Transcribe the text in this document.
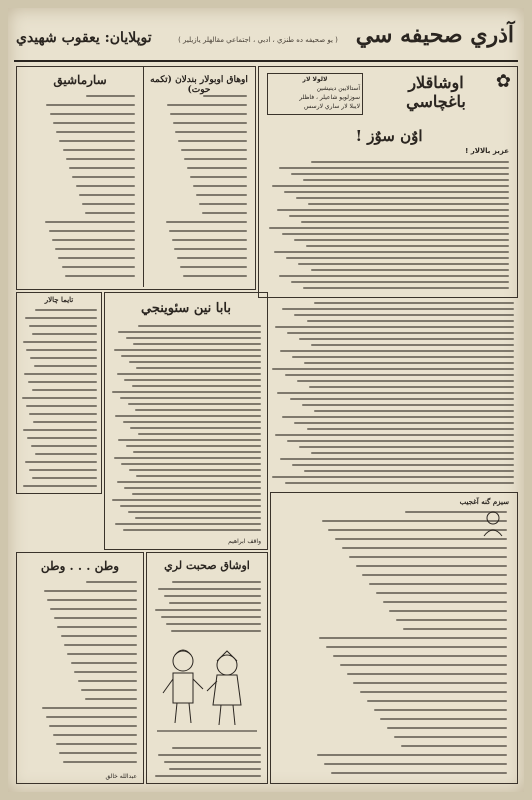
توپلايان: يعقوب شهيدي	( يو صحيفه ده طنزي ، ادبي ، اجتماعي مقالهلر يازيلير ) آذري صحيفه سي
✿
اوشاقلار باغچاسي
لالولا لار
آستالايين دينيشين
سوزلويو شاعيلر ، فاظلر
لايبلا لار ساري لارسس
اوٌن سوٌز !
عزيز بالالار !
اوهاق اوبولار بندلان (تکمه حوت)
سارماشيق
تايما چالار
بابا نين سئوينجي
واقف ابراهيم
سيزم گنه آغجيب
وطن . . . وطن
عبدالله خالق
اوشاق صحبت لري
